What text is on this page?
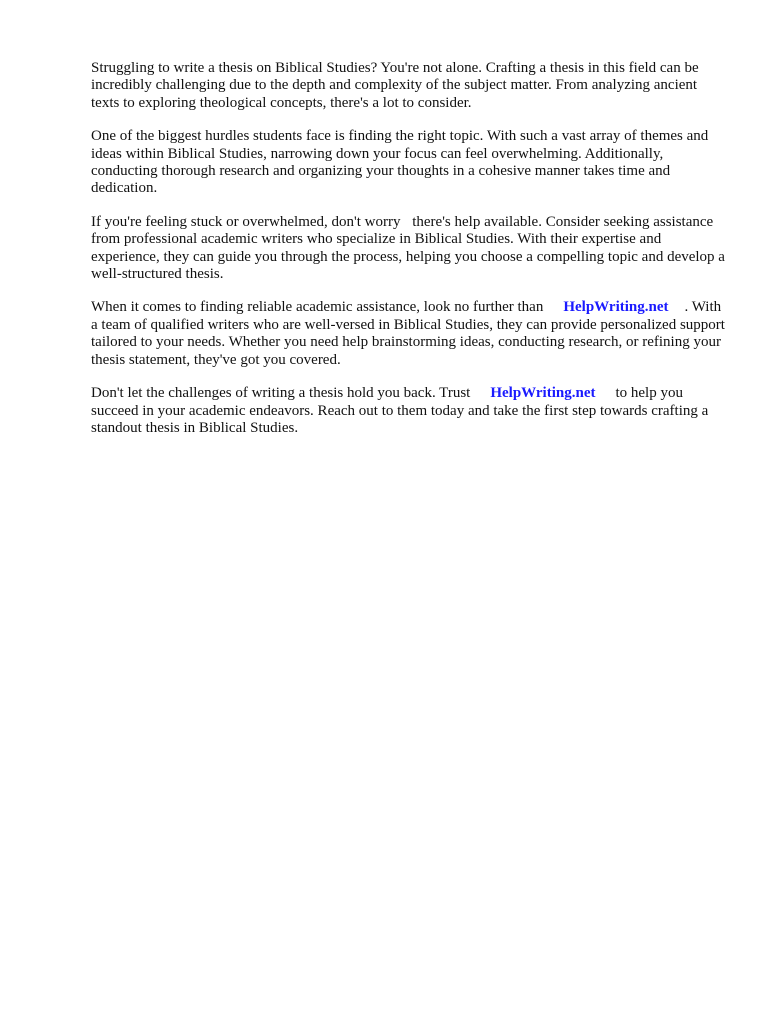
Struggling to write a thesis on Biblical Studies? You're not alone. Crafting a thesis in this field can be incredibly challenging due to the depth and complexity of the subject matter. From analyzing ancient texts to exploring theological concepts, there's a lot to consider.

One of the biggest hurdles students face is finding the right topic. With such a vast array of themes and ideas within Biblical Studies, narrowing down your focus can feel overwhelming. Additionally, conducting thorough research and organizing your thoughts in a cohesive manner takes time and dedication.

If you're feeling stuck or overwhelmed, don't worry there's help available. Consider seeking assistance from professional academic writers who specialize in Biblical Studies. With their expertise and experience, they can guide you through the process, helping you choose a compelling topic and develop a well-structured thesis.

When it comes to finding reliable academic assistance, look no further than HelpWriting.net . With a team of qualified writers who are well-versed in Biblical Studies, they can provide personalized support tailored to your needs. Whether you need help brainstorming ideas, conducting research, or refining your thesis statement, they've got you covered.

Don't let the challenges of writing a thesis hold you back. Trust HelpWriting.net to help you succeed in your academic endeavors. Reach out to them today and take the first step towards crafting a standout thesis in Biblical Studies.
